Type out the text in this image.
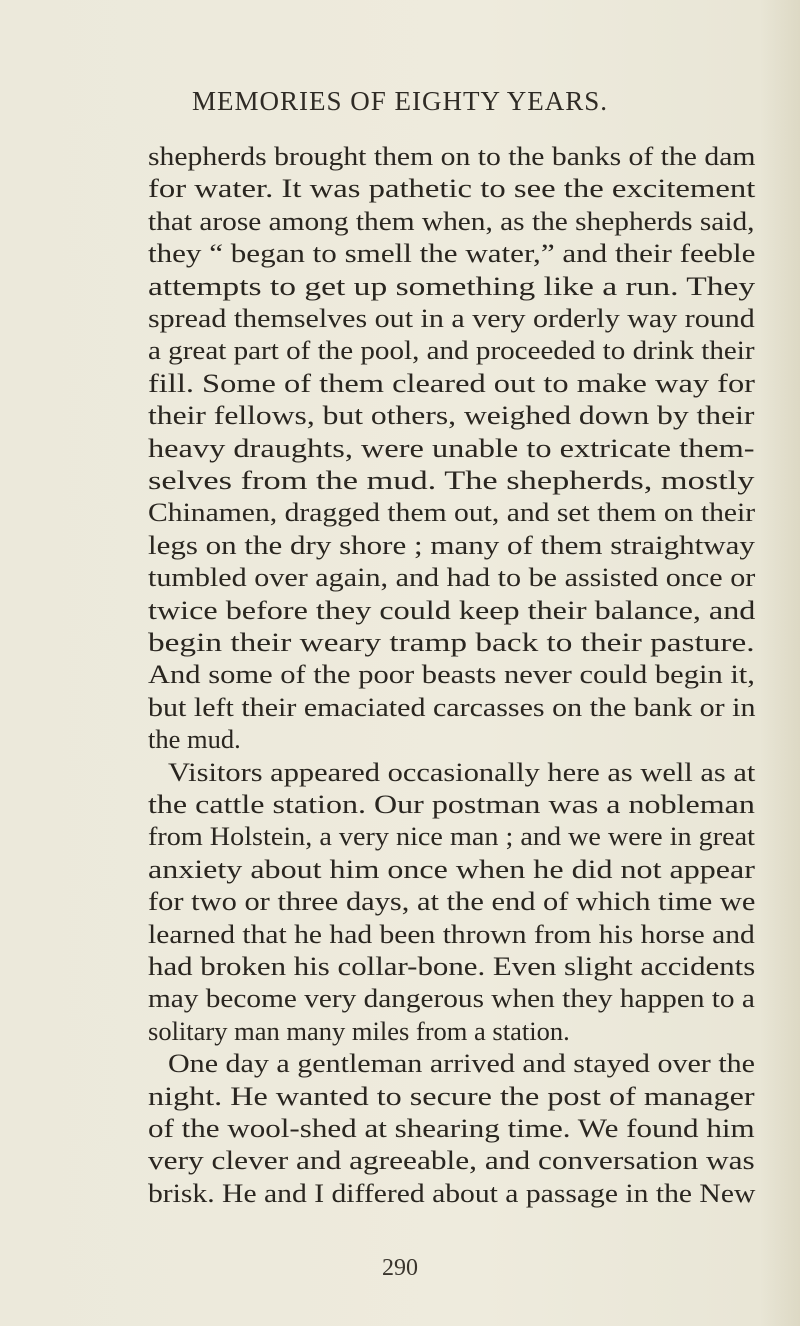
MEMORIES OF EIGHTY YEARS.
shepherds brought them on to the banks of the dam
for water. It was pathetic to see the excitement
that arose among them when, as the shepherds said,
they “ began to smell the water,” and their feeble
attempts to get up something like a run. They
spread themselves out in a very orderly way round
a great part of the pool, and proceeded to drink their
fill. Some of them cleared out to make way for
their fellows, but others, weighed down by their
heavy draughts, were unable to extricate them-
selves from the mud. The shepherds, mostly
Chinamen, dragged them out, and set them on their
legs on the dry shore ; many of them straightway
tumbled over again, and had to be assisted once or
twice before they could keep their balance, and
begin their weary tramp back to their pasture.
And some of the poor beasts never could begin it,
but left their emaciated carcasses on the bank or in
the mud.
Visitors appeared occasionally here as well as at
the cattle station. Our postman was a nobleman
from Holstein, a very nice man ; and we were in great
anxiety about him once when he did not appear
for two or three days, at the end of which time we
learned that he had been thrown from his horse and
had broken his collar-bone. Even slight accidents
may become very dangerous when they happen to a
solitary man many miles from a station.
One day a gentleman arrived and stayed over the
night. He wanted to secure the post of manager
of the wool-shed at shearing time. We found him
very clever and agreeable, and conversation was
brisk. He and I differed about a passage in the New
290
